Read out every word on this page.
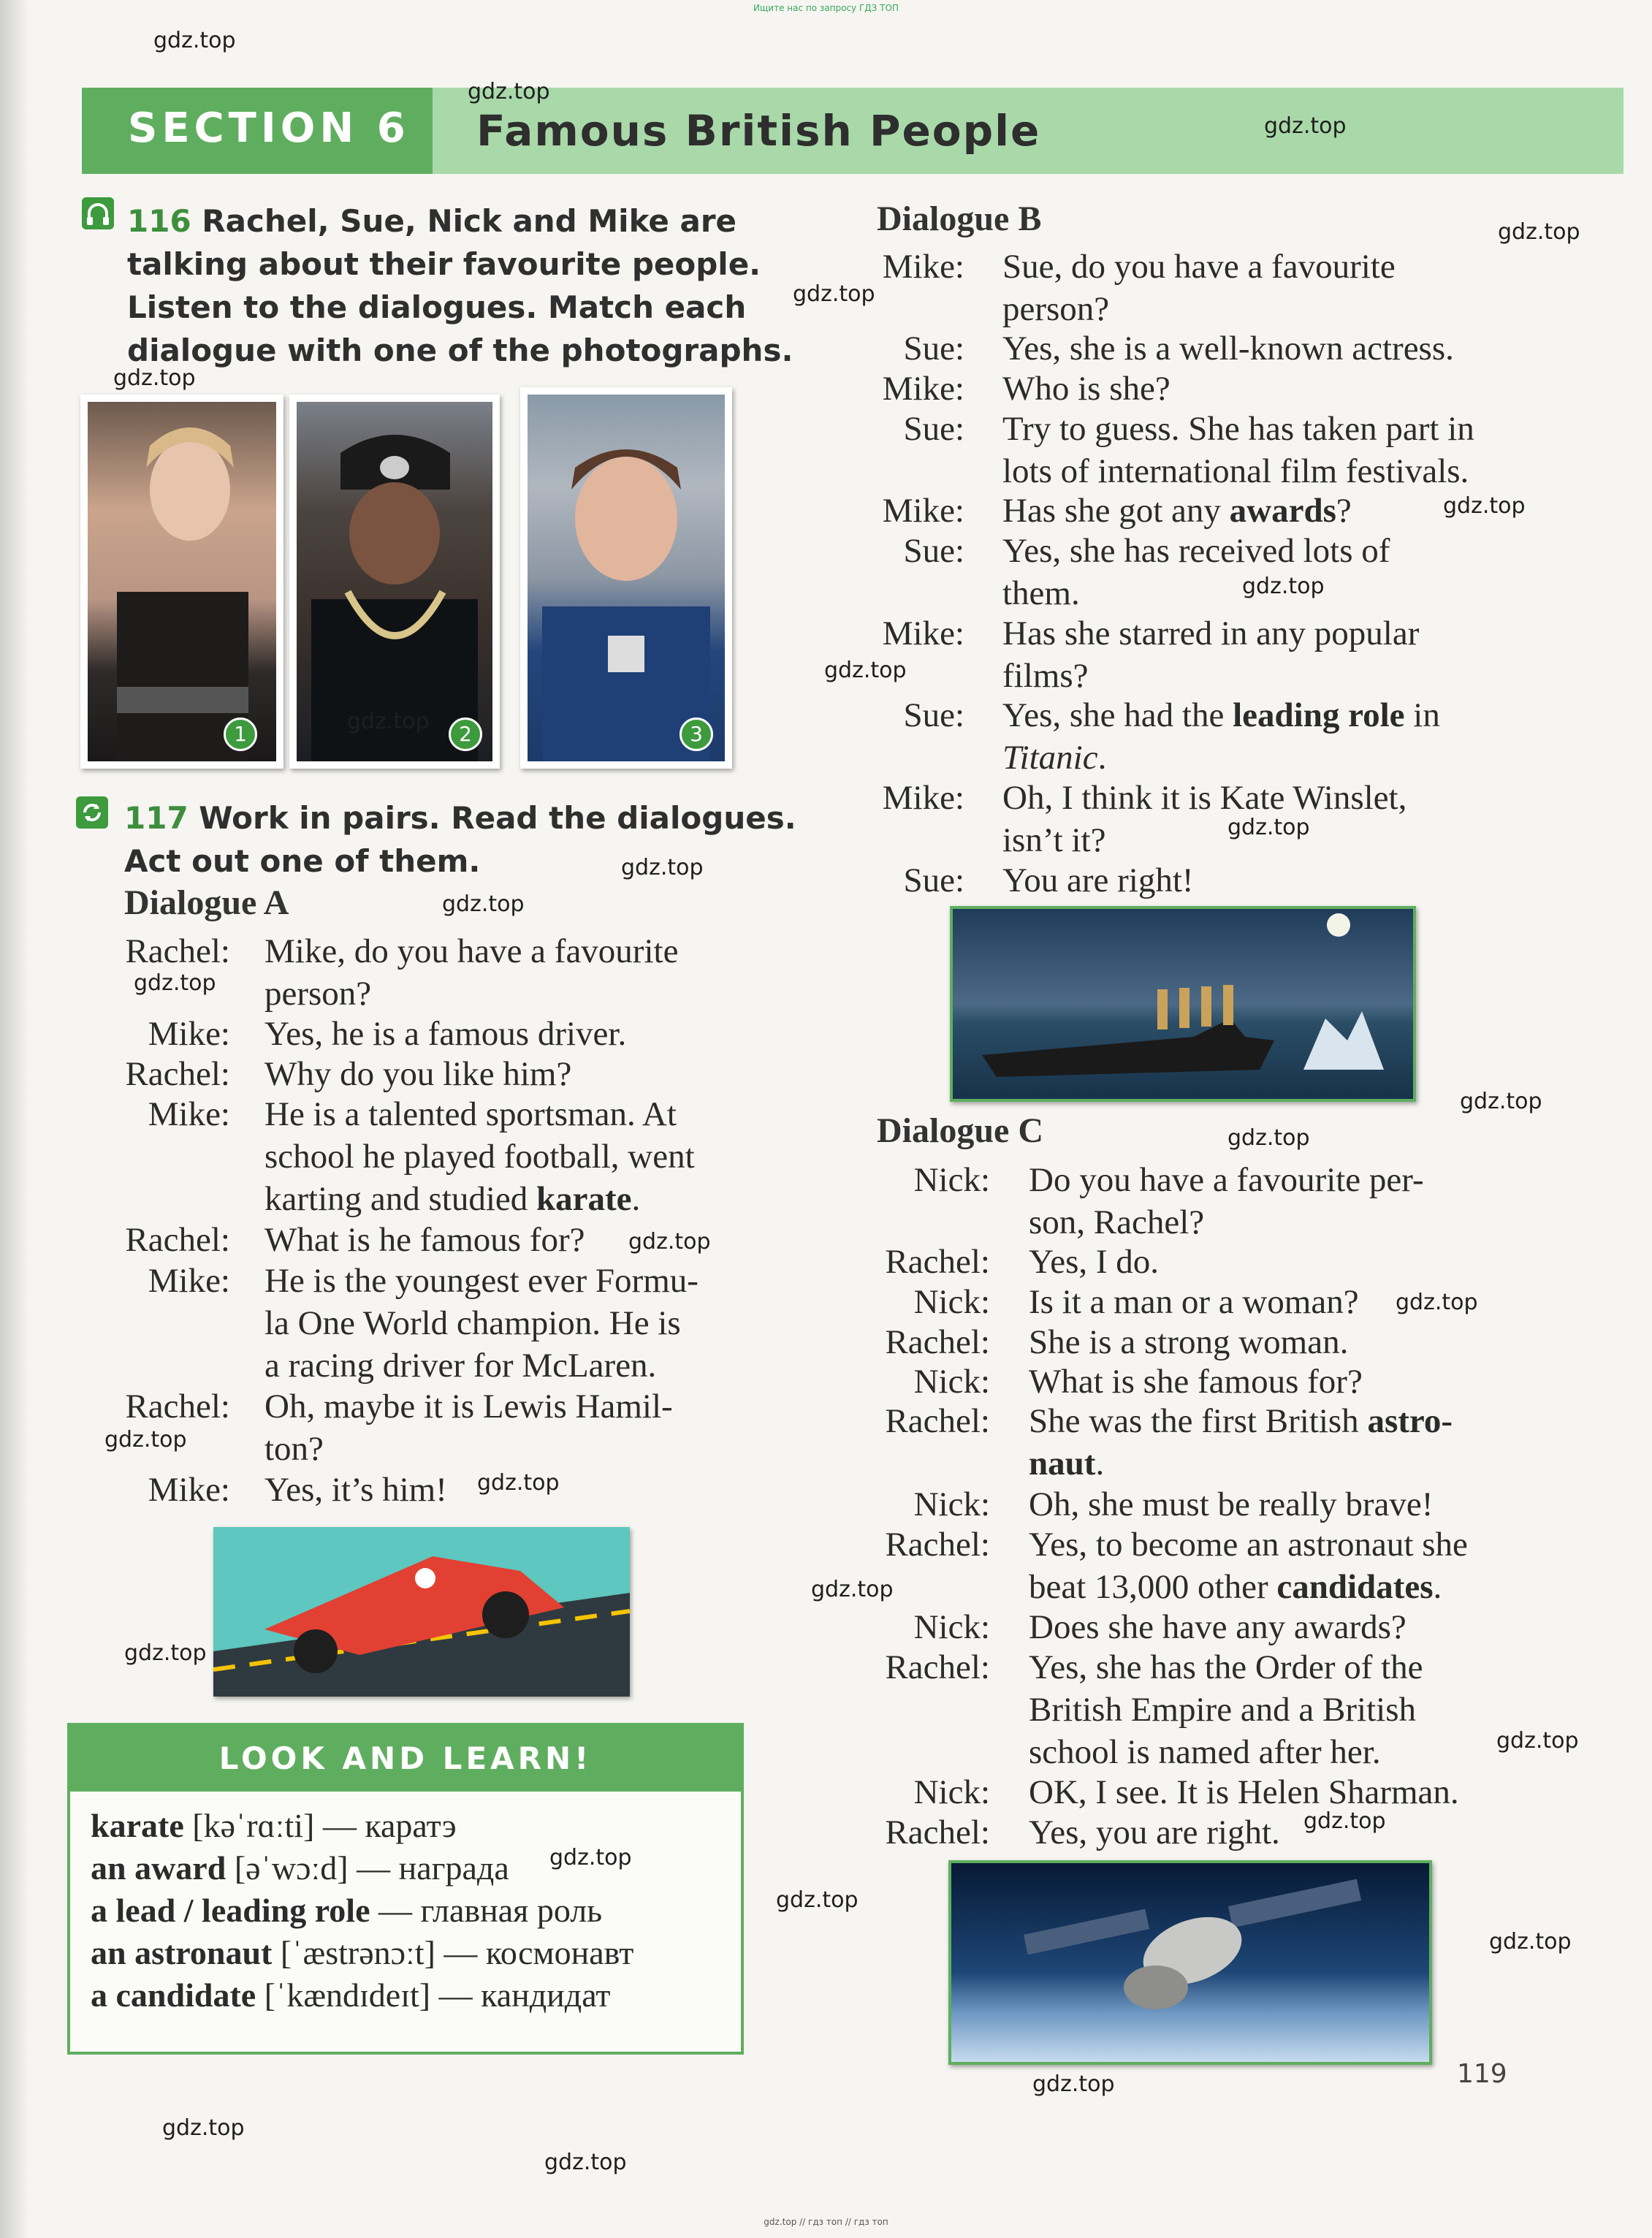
Ищите нас по запросу ГДЗ ТОП
SECTION 6 Famous British People
116 Rachel, Sue, Nick and Mike are
talking about their favourite people.
Listen to the dialogues. Match each
dialogue with one of the photographs.
1	2	3
117 Work in pairs. Read the dialogues.
Act out one of them.
Dialogue A
Rachel: Mike, do you have a favourite
person?
Mike: Yes, he is a famous driver.
Rachel: Why do you like him?
Mike: He is a talented sportsman. At
school he played football, went
karting and studied karate.
Rachel: What is he famous for?
Mike: He is the youngest ever Formu-
la One World champion. He is
a racing driver for McLaren.
Rachel: Oh, maybe it is Lewis Hamil-
ton?
Mike: Yes, it’s him!
LOOK AND LEARN!
karate [kəˈrɑːti] — каратэ
an award [əˈwɔːd] — награда
a lead / leading role — главная роль
an astronaut [ˈæstrənɔːt] — космонавт
a candidate [ˈkændɪdeɪt] — кандидат
Dialogue B
Mike: Sue, do you have a favourite
person?
Sue: Yes, she is a well-known actress.
Mike: Who is she?
Sue: Try to guess. She has taken part in
lots of international film festivals.
Mike: Has she got any awards?
Sue: Yes, she has received lots of
them.
Mike: Has she starred in any popular
films?
Sue: Yes, she had the leading role in
Titanic.
Mike: Oh, I think it is Kate Winslet,
isn’t it?
Sue: You are right!
Dialogue C
Nick: Do you have a favourite per-
son, Rachel?
Rachel: Yes, I do.
Nick: Is it a man or a woman?
Rachel: She is a strong woman.
Nick: What is she famous for?
Rachel: She was the first British astro-
naut.
Nick: Oh, she must be really brave!
Rachel: Yes, to become an astronaut she
beat 13,000 other candidates.
Nick: Does she have any awards?
Rachel: Yes, she has the Order of the
British Empire and a British
school is named after her.
Nick: OK, I see. It is Helen Sharman.
Rachel: Yes, you are right.
119
gdz.top
gdz.top
gdz.top
gdz.top
gdz.top
gdz.top
gdz.top
gdz.top
gdz.top
gdz.top
gdz.top
gdz.top
gdz.top
gdz.top
gdz.top
gdz.top
gdz.top
gdz.top
gdz.top
gdz.top
gdz.top
gdz.top
gdz.top
gdz.top
gdz.top
gdz.top
gdz.top
gdz.top
gdz.top
gdz.top
gdz.top // гдз топ // гдз топ
